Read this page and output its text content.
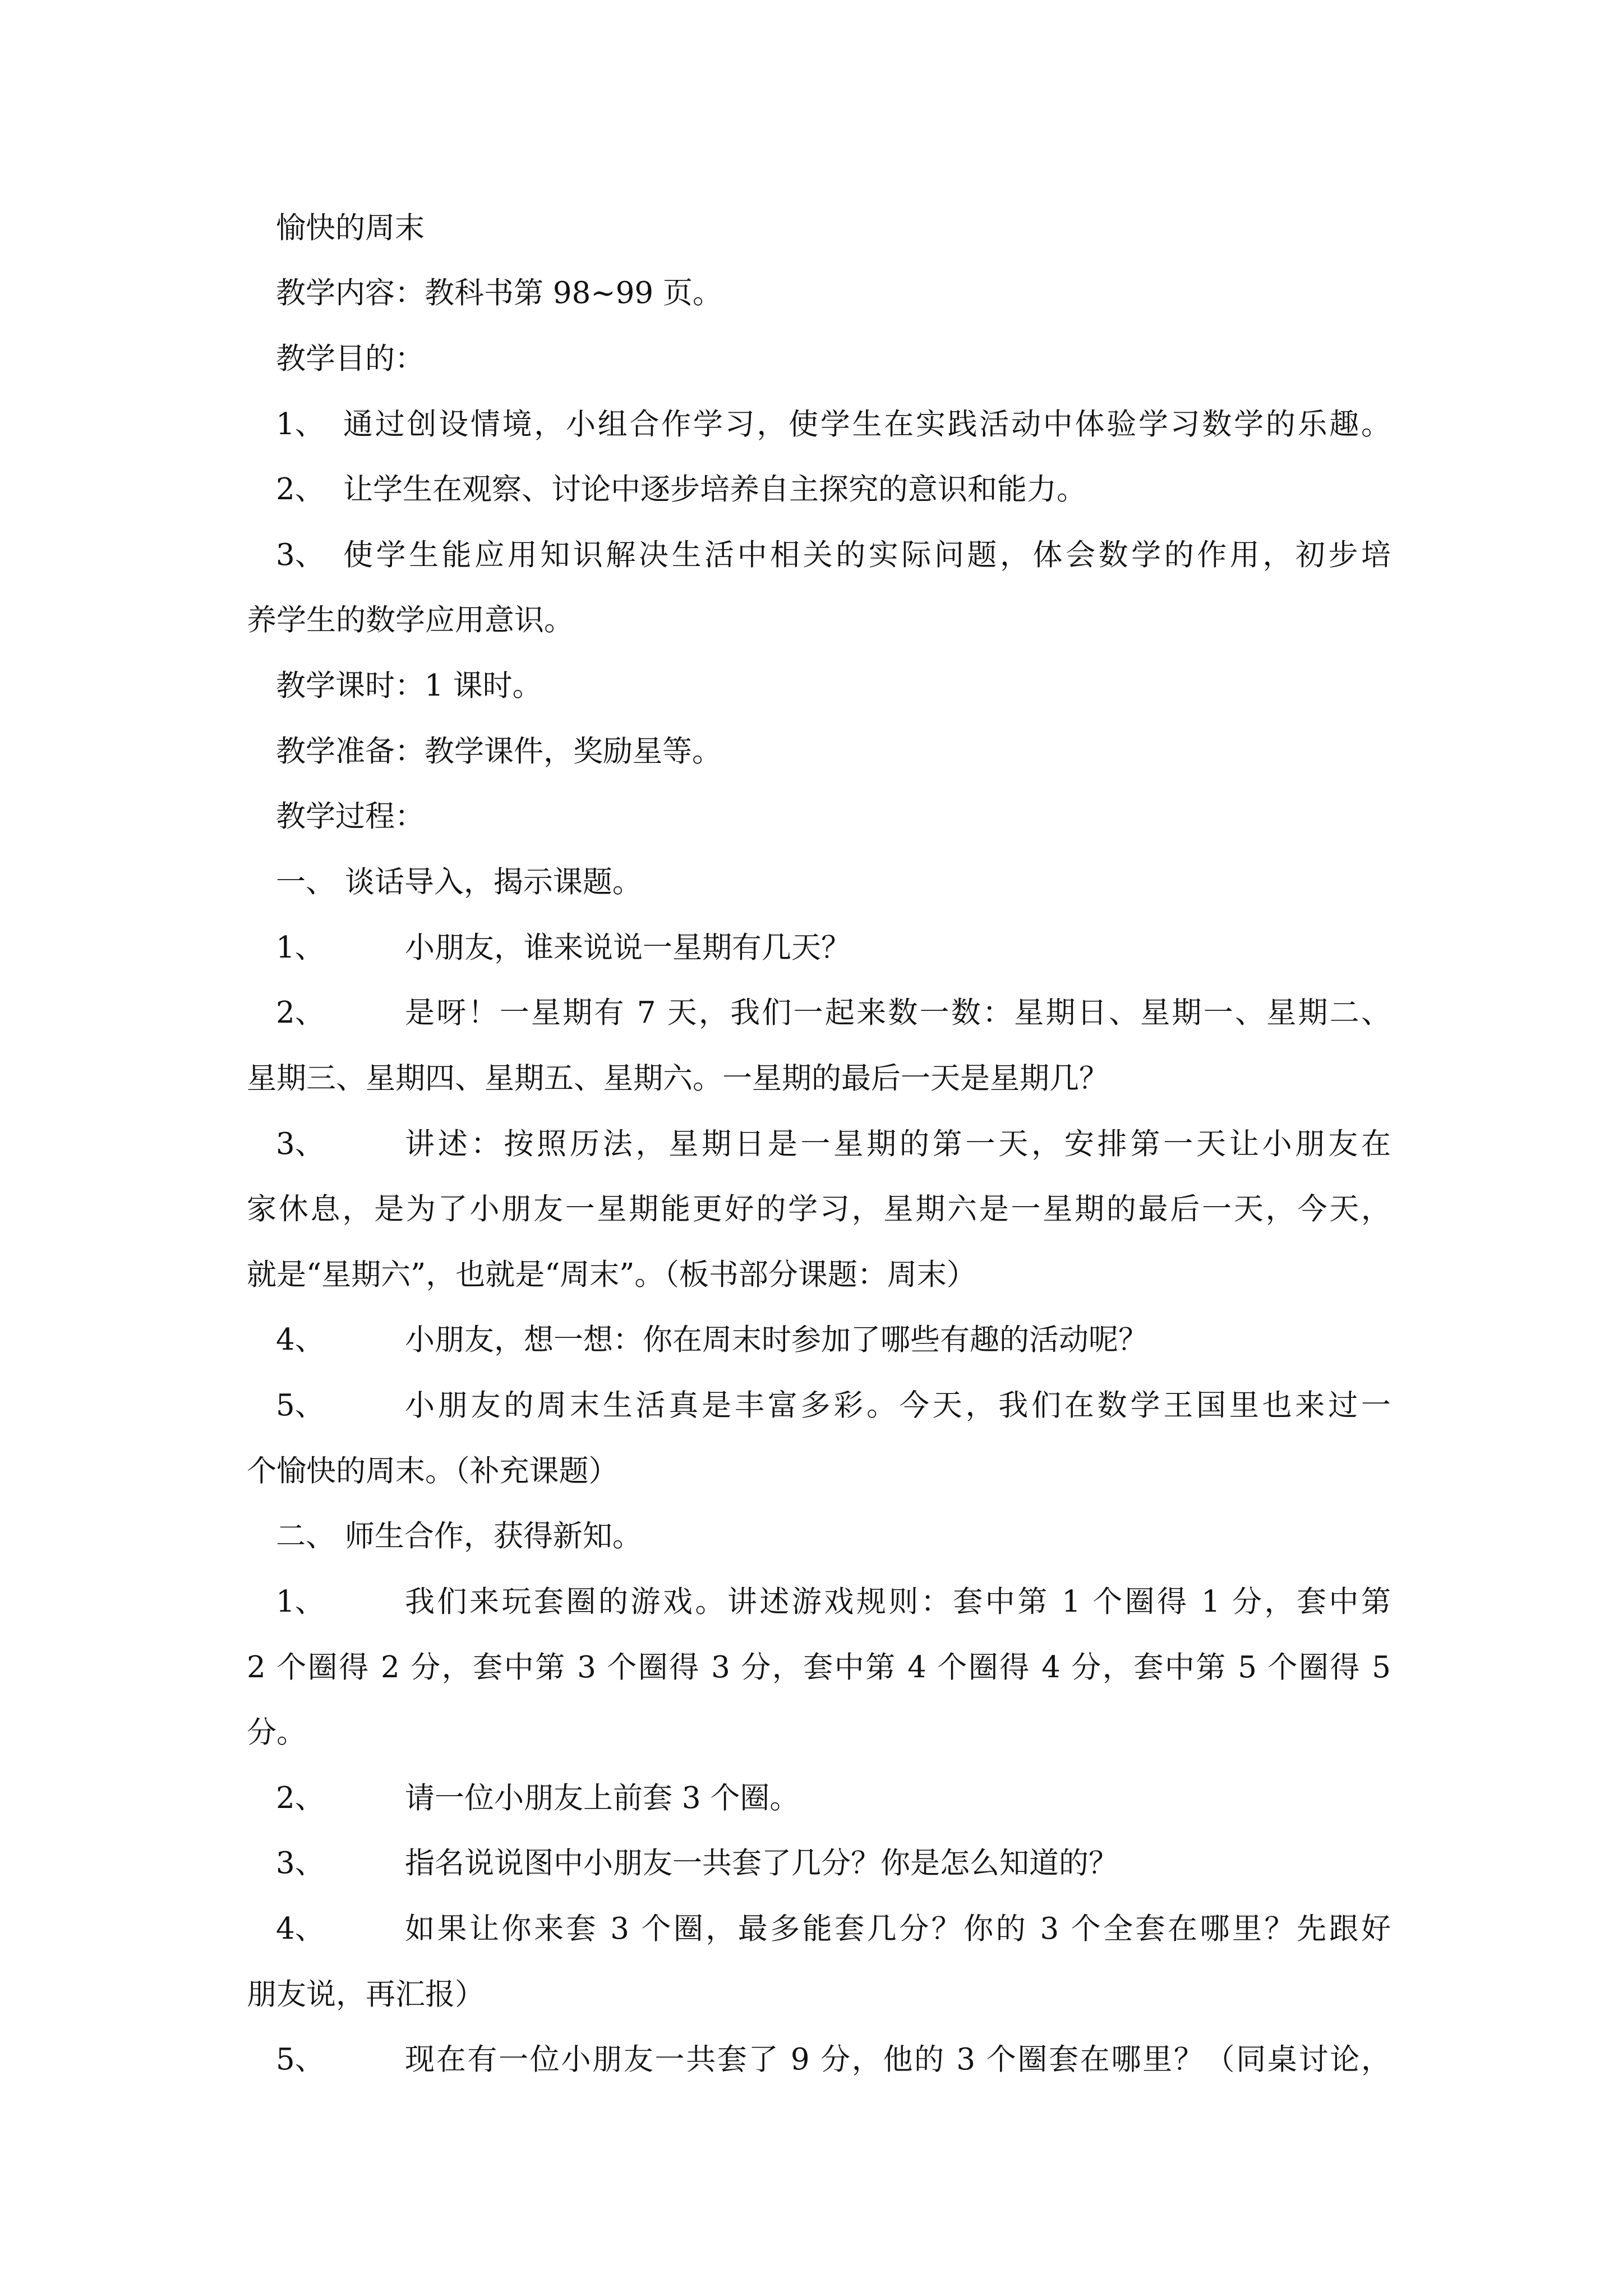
愉快的周末
教学内容：教科书第 98~99 页。
教学目的：
1、 通过创设情境，小组合作学习，使学生在实践活动中体验学习数学的乐趣。
2、 让学生在观察、讨论中逐步培养自主探究的意识和能力。
3、 使学生能应用知识解决生活中相关的实际问题，体会数学的作用，初步培
养学生的数学应用意识。
教学课时：1 课时。
教学准备：教学课件，奖励星等。
教学过程：
一、 谈话导入，揭示课题。
1、	小朋友，谁来说说一星期有几天？
2、	是呀！一星期有 7 天，我们一起来数一数：星期日、星期一、星期二、
星期三、星期四、星期五、星期六。一星期的最后一天是星期几？
3、	讲述：按照历法，星期日是一星期的第一天，安排第一天让小朋友在
家休息，是为了小朋友一星期能更好的学习，星期六是一星期的最后一天，今天，
就是“星期六”，也就是“周末”。（板书部分课题：周末）
4、	小朋友，想一想：你在周末时参加了哪些有趣的活动呢？
5、	小朋友的周末生活真是丰富多彩。今天，我们在数学王国里也来过一
个愉快的周末。（补充课题）
二、 师生合作，获得新知。
1、	我们来玩套圈的游戏。讲述游戏规则：套中第 1 个圈得 1 分，套中第
2 个圈得 2 分，套中第 3 个圈得 3 分，套中第 4 个圈得 4 分，套中第 5 个圈得 5
分。
2、	请一位小朋友上前套 3 个圈。
3、	指名说说图中小朋友一共套了几分？你是怎么知道的？
4、	如果让你来套 3 个圈，最多能套几分？你的 3 个全套在哪里？先跟好
朋友说，再汇报）
5、	现在有一位小朋友一共套了 9 分，他的 3 个圈套在哪里？（同桌讨论，
